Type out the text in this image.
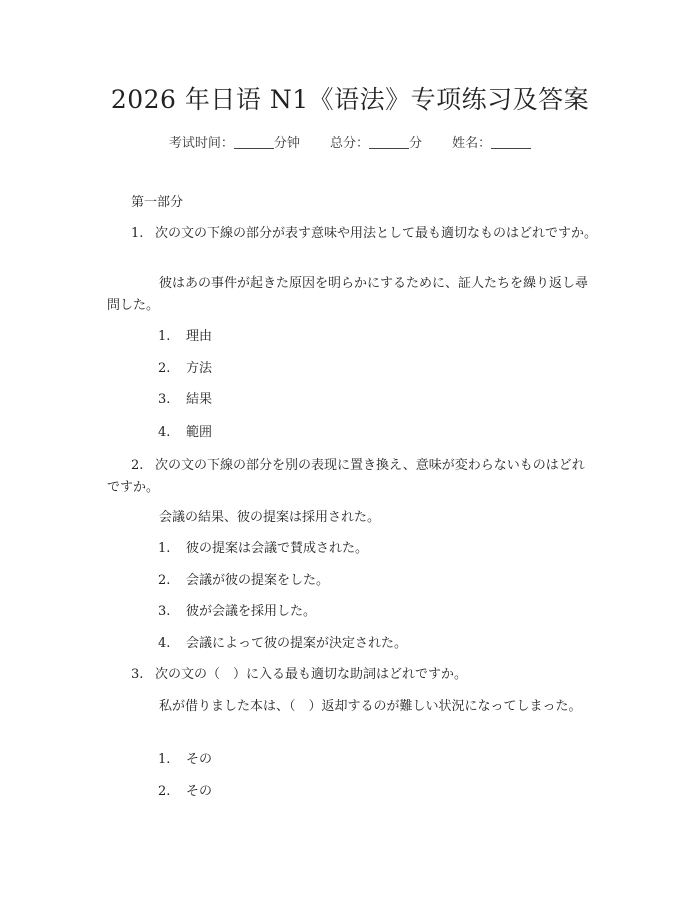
2026 年日语 N1《语法》专项练习及答案
考试时间：	分钟 总分：	分 姓名：
第一部分
1. 次の文の下線の部分が表す意味や用法として最も適切なものはどれですか。
彼はあの事件が起きた原因を明らかにするために、証人たちを繰り返し尋問した。
1. 理由
2. 方法
3. 結果
4. 範囲
2. 次の文の下線の部分を別の表现に置き換え、意味が変わらないものはどれですか。
会議の結果、彼の提案は採用された。
1. 彼の提案は会議で賛成された。
2. 会議が彼の提案をした。
3. 彼が会議を採用した。
4. 会議によって彼の提案が決定された。
3. 次の文の（　）に入る最も適切な助詞はどれですか。
私が借りました本は、（　）返却するのが難しい状況になってしまった。
1. その
2. その
